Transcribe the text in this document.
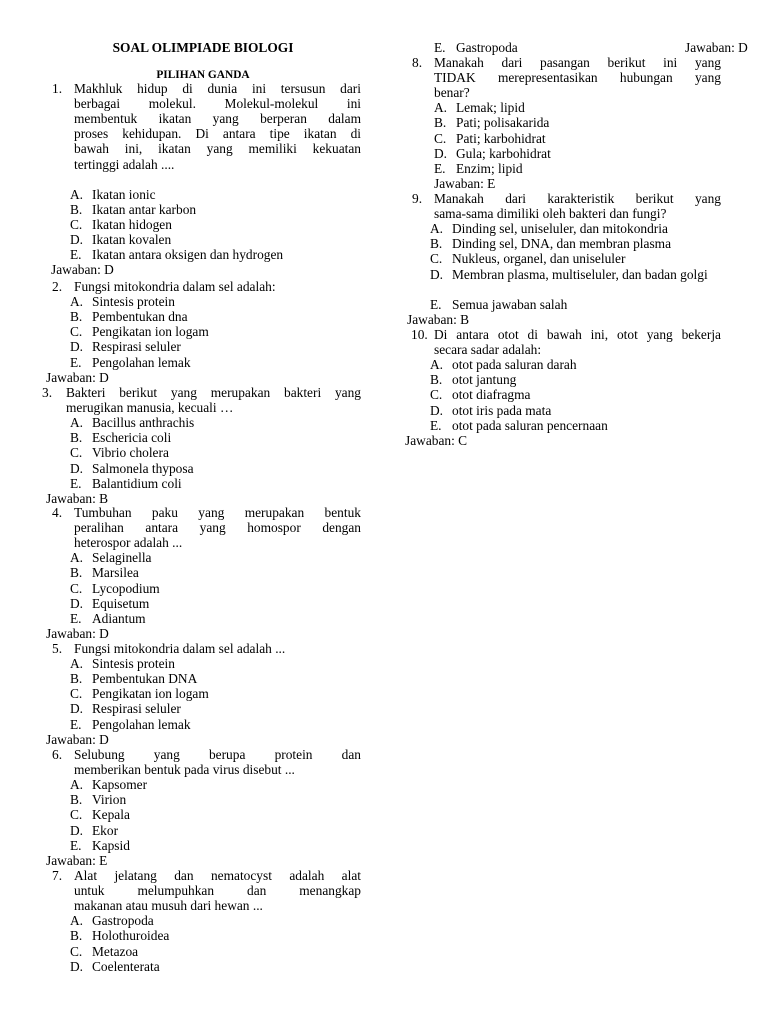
SOAL OLIMPIADE BIOLOGI
PILIHAN GANDA
1. Makhluk hidup di dunia ini tersusun dari
berbagai molekul. Molekul-molekul ini
membentuk ikatan yang berperan dalam
proses kehidupan. Di antara tipe ikatan di
bawah ini, ikatan yang memiliki kekuatan
tertinggi adalah ....
A. Ikatan ionic
B. Ikatan antar karbon
C. Ikatan hidogen
D. Ikatan kovalen
E. Ikatan antara oksigen dan hydrogen
Jawaban: D
2. Fungsi mitokondria dalam sel adalah:
A. Sintesis protein
B. Pembentukan dna
C. Pengikatan ion logam
D. Respirasi seluler
E. Pengolahan lemak
Jawaban: D
3. Bakteri berikut yang merupakan bakteri yang
merugikan manusia, kecuali …
A. Bacillus anthrachis
B. Eschericia coli
C. Vibrio cholera
D. Salmonela thyposa
E. Balantidium coli
Jawaban: B
4. Tumbuhan paku yang merupakan bentuk
peralihan antara yang homospor dengan
heterospor adalah ...
A. Selaginella
B. Marsilea
C. Lycopodium
D. Equisetum
E. Adiantum
Jawaban: D
5. Fungsi mitokondria dalam sel adalah ...
A. Sintesis protein
B. Pembentukan DNA
C. Pengikatan ion logam
D. Respirasi seluler
E. Pengolahan lemak
Jawaban: D
6. Selubung yang berupa protein dan
memberikan bentuk pada virus disebut ...
A. Kapsomer
B. Virion
C. Kepala
D. Ekor
E. Kapsid
Jawaban: E
7. Alat jelatang dan nematocyst adalah alat
untuk melumpuhkan dan menangkap
makanan atau musuh dari hewan ...
A. Gastropoda
B. Holothuroidea
C. Metazoa
D. Coelenterata
E. Gastropoda	Jawaban: D
8. Manakah dari pasangan berikut ini yang
TIDAK merepresentasikan hubungan yang
benar?
A. Lemak; lipid
B. Pati; polisakarida
C. Pati; karbohidrat
D. Gula; karbohidrat
E. Enzim; lipid
Jawaban: E
9. Manakah dari karakteristik berikut yang
sama-sama dimiliki oleh bakteri dan fungi?
A. Dinding sel, uniseluler, dan mitokondria
B. Dinding sel, DNA, dan membran plasma
C. Nukleus, organel, dan uniseluler
D. Membran plasma, multiseluler, dan badan golgi
E. Semua jawaban salah
Jawaban: B
10. Di antara otot di bawah ini, otot yang bekerja
secara sadar adalah:
A. otot pada saluran darah
B. otot jantung
C. otot diafragma
D. otot iris pada mata
E. otot pada saluran pencernaan
Jawaban: C
